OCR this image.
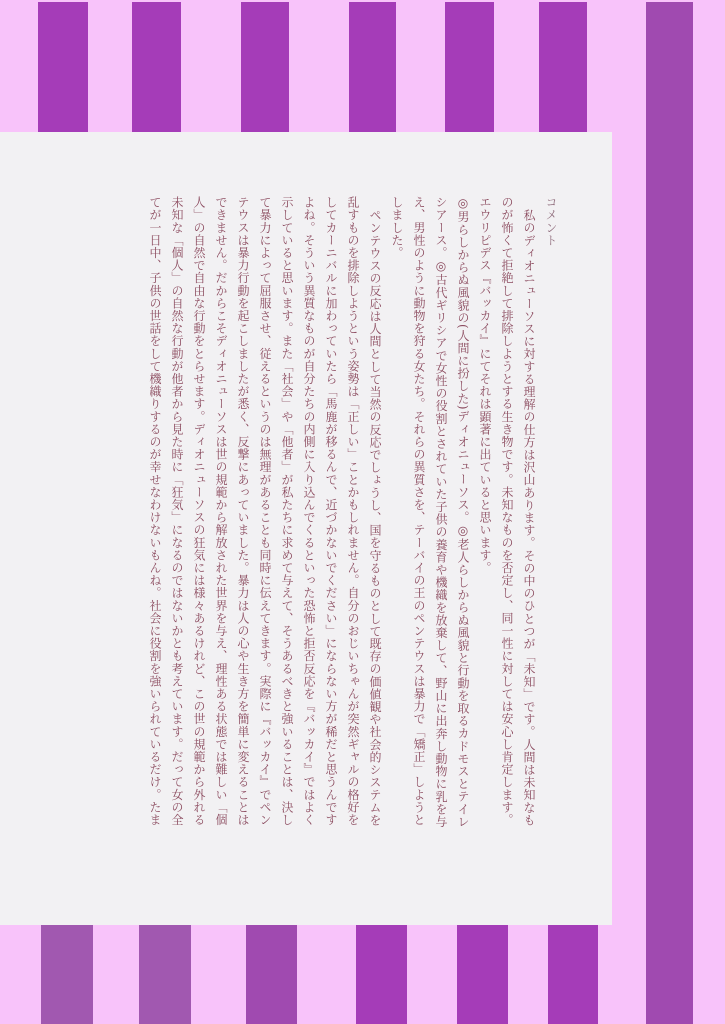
コメント

私のディオニューソスに対する理解の仕方は沢山あります。その中のひとつが「未知」です。人間は未知なものが怖くて拒絶して排除しようとする生き物です。未知なものを否定し、同一性に対しては安心し肯定します。

エウリピデス『バッカイ』にてそれは顕著に出ていると思います。

◎男らしからぬ風貌の(人間に扮した)ディオニューソス。◎老人らしからぬ風貌と行動を取るカドモスとテイレシアース。◎古代ギリシアで女性の役割とされていた子供の養育や機織を放棄して、野山に出奔し動物に乳を与え、男性のように動物を狩る女たち。それらの異質さを、テーバイの王のペンテウスは暴力で「矯正」しようとしました。

ペンテウスの反応は人間として当然の反応でしょうし、国を守るものとして既存の価値観や社会的システムを乱すものを排除しようという姿勢は「正しい」ことかもしれません。自分のおじいちゃんが突然ギャルの格好をしてカーニバルに加わっていたら「馬鹿が移るんで、近づかないでください」にならない方が稀だと思うんですよね。そういう異質なものが自分たちの内側に入り込んでくるといった恐怖と拒否反応を『バッカイ』ではよく示していると思います。また「社会」や「他者」が私たちに求めて与えて、そうあるべきと強いることは、決して暴力によって屈服させ、従えるというのは無理があることも同時に伝えてきます。実際に『バッカイ』でペンテウスは暴力行動を起こしましたが悉く、反撃にあっていました。暴力は人の心や生き方を簡単に変えることはできません。だからこそディオニューソスは世の規範から解放された世界を与え、理性ある状態では難しい「個人」の自然で自由な行動をとらせます。ディオニューソスの狂気には様々あるけれど、この世の規範から外れる未知な「個人」の自然な行動が他者から見た時に「狂気」になるのではないかとも考えています。だって女の全てが一日中、子供の世話をして機織りするのが幸せなわけないもんね。社会に役割を強いられているだけ。たま
